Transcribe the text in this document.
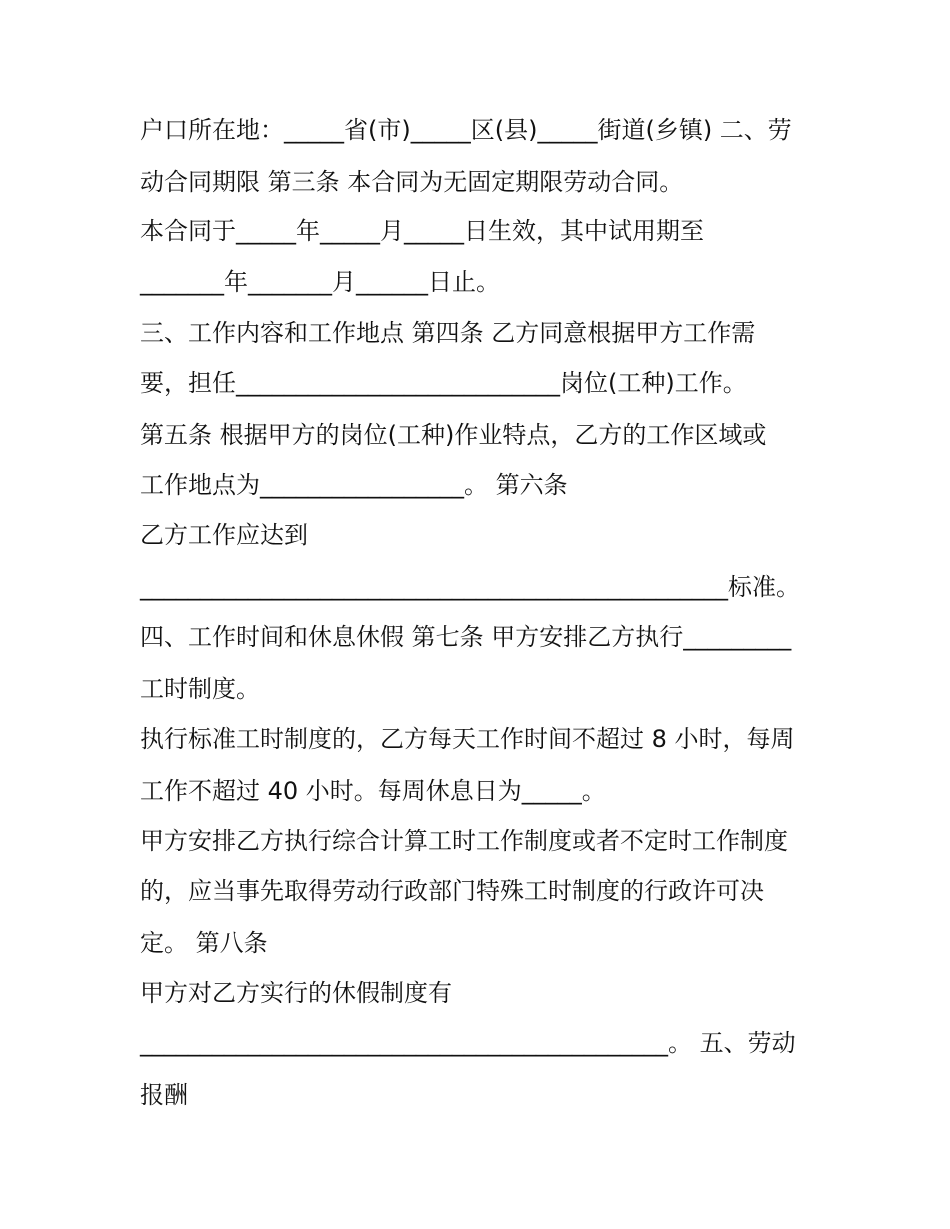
户口所在地：_____省(市)_____区(县)_____街道(乡镇) 二、劳
动合同期限 第三条 本合同为无固定期限劳动合同。
本合同于_____年_____月_____日生效，其中试用期至
_______年_______月______日止。
三、工作内容和工作地点 第四条 乙方同意根据甲方工作需
要，担任___________________________岗位(工种)工作。
第五条 根据甲方的岗位(工种)作业特点，乙方的工作区域或
工作地点为_________________。 第六条
乙方工作应达到
_________________________________________________标准。
四、工作时间和休息休假 第七条 甲方安排乙方执行_________
工时制度。
执行标准工时制度的，乙方每天工作时间不超过 8 小时，每周
工作不超过 40 小时。每周休息日为_____。
甲方安排乙方执行综合计算工时工作制度或者不定时工作制度
的，应当事先取得劳动行政部门特殊工时制度的行政许可决
定。 第八条
甲方对乙方实行的休假制度有
____________________________________________。 五、劳动
报酬
